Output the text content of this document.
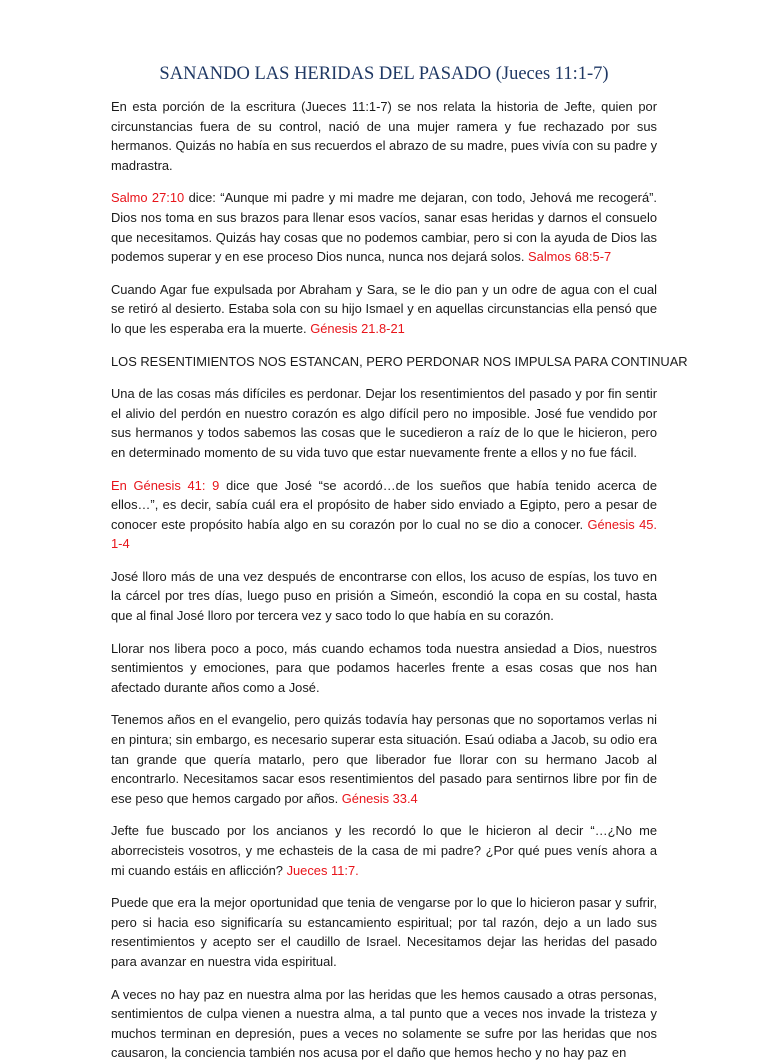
SANANDO LAS HERIDAS DEL PASADO (Jueces 11:1-7)

En esta porción de la escritura (Jueces 11:1-7) se nos relata la historia de Jefte, quien por circunstancias fuera de su control, nació de una mujer ramera y fue rechazado por sus hermanos. Quizás no había en sus recuerdos el abrazo de su madre, pues vivía con su padre y madrastra.

Salmo 27:10 dice: “Aunque mi padre y mi madre me dejaran, con todo, Jehová me recogerá”. Dios nos toma en sus brazos para llenar esos vacíos, sanar esas heridas y darnos el consuelo que necesitamos. Quizás hay cosas que no podemos cambiar, pero si con la ayuda de Dios las podemos superar y en ese proceso Dios nunca, nunca nos dejará solos. Salmos 68:5-7

Cuando Agar fue expulsada por Abraham y Sara, se le dio pan y un odre de agua con el cual se retiró al desierto. Estaba sola con su hijo Ismael y en aquellas circunstancias ella pensó que lo que les esperaba era la muerte. Génesis 21.8-21

LOS RESENTIMIENTOS NOS ESTANCAN, PERO PERDONAR NOS IMPULSA PARA CONTINUAR

Una de las cosas más difíciles es perdonar. Dejar los resentimientos del pasado y por fin sentir el alivio del perdón en nuestro corazón es algo difícil pero no imposible. José fue vendido por sus hermanos y todos sabemos las cosas que le sucedieron a raíz de lo que le hicieron, pero en determinado momento de su vida tuvo que estar nuevamente frente a ellos y no fue fácil.

En Génesis 41: 9 dice que José “se acordó…de los sueños que había tenido acerca de ellos…”, es decir, sabía cuál era el propósito de haber sido enviado a Egipto, pero a pesar de conocer este propósito había algo en su corazón por lo cual no se dio a conocer. Génesis 45. 1-4

José lloro más de una vez después de encontrarse con ellos, los acuso de espías, los tuvo en la cárcel por tres días, luego puso en prisión a Simeón, escondió la copa en su costal, hasta que al final José lloro por tercera vez y saco todo lo que había en su corazón.

Llorar nos libera poco a poco, más cuando echamos toda nuestra ansiedad a Dios, nuestros sentimientos y emociones, para que podamos hacerles frente a esas cosas que nos han afectado durante años como a José.

Tenemos años en el evangelio, pero quizás todavía hay personas que no soportamos verlas ni en pintura; sin embargo, es necesario superar esta situación. Esaú odiaba a Jacob, su odio era tan grande que quería matarlo, pero que liberador fue llorar con su hermano Jacob al encontrarlo. Necesitamos sacar esos resentimientos del pasado para sentirnos libre por fin de ese peso que hemos cargado por años. Génesis 33.4

Jefte fue buscado por los ancianos y les recordó lo que le hicieron al decir “…¿No me aborrecisteis vosotros, y me echasteis de la casa de mi padre? ¿Por qué pues venís ahora a mi cuando estáis en aflicción? Jueces 11:7.

Puede que era la mejor oportunidad que tenia de vengarse por lo que lo hicieron pasar y sufrir, pero si hacia eso significaría su estancamiento espiritual; por tal razón, dejo a un lado sus resentimientos y acepto ser el caudillo de Israel. Necesitamos dejar las heridas del pasado para avanzar en nuestra vida espiritual.

A veces no hay paz en nuestra alma por las heridas que les hemos causado a otras personas, sentimientos de culpa vienen a nuestra alma, a tal punto que a veces nos invade la tristeza y muchos terminan en depresión, pues a veces no solamente se sufre por las heridas que nos causaron, la conciencia también nos acusa por el daño que hemos hecho y no hay paz en
